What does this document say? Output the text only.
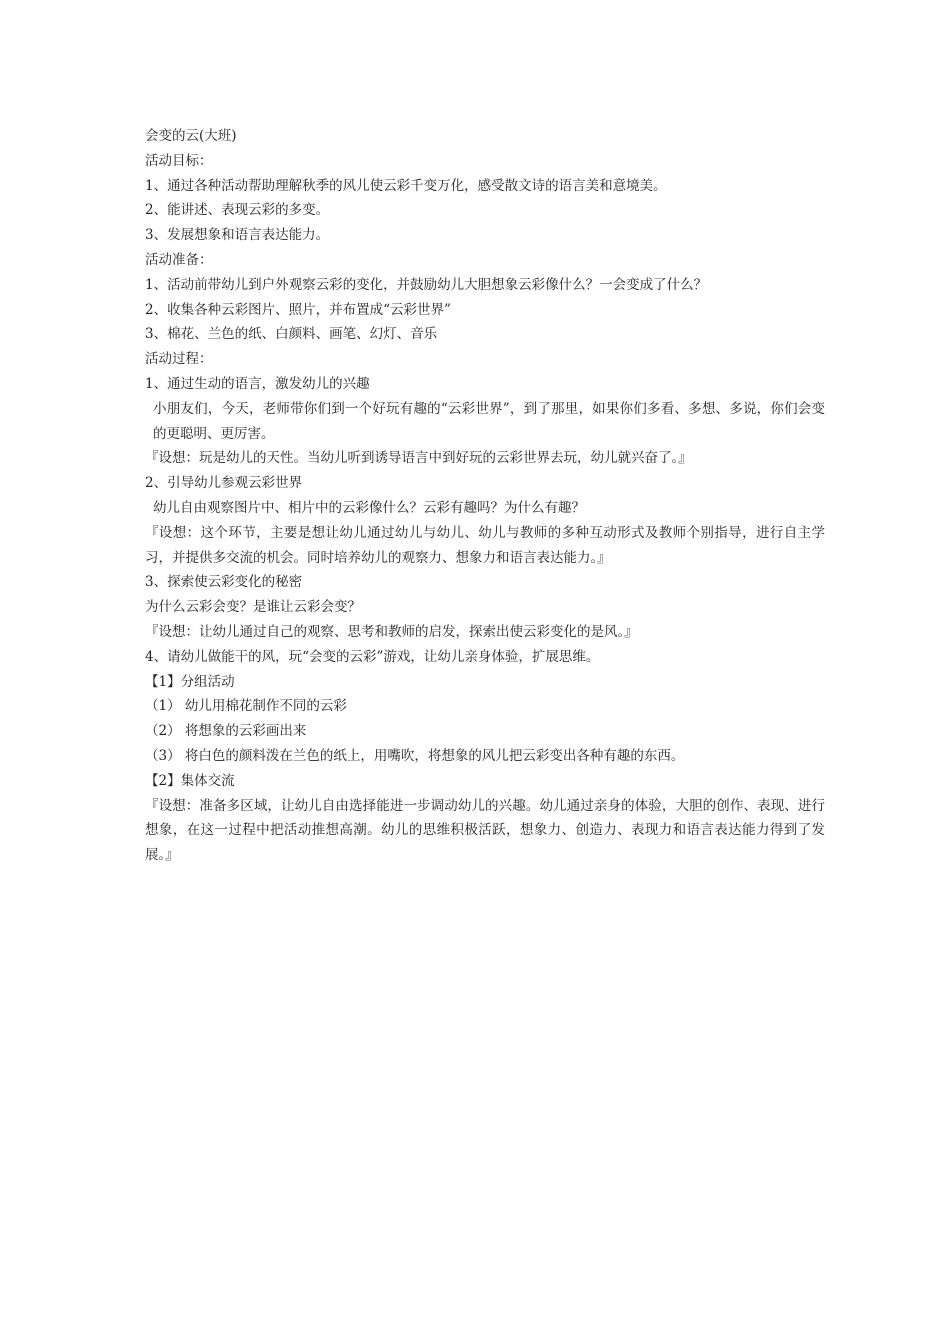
会变的云(大班)

活动目标：

1、通过各种活动帮助理解秋季的风儿使云彩千变万化，感受散文诗的语言美和意境美。

2、能讲述、表现云彩的多变。

3、发展想象和语言表达能力。

活动准备：

1、活动前带幼儿到户外观察云彩的变化，并鼓励幼儿大胆想象云彩像什么？一会变成了什么？

2、收集各种云彩图片、照片，并布置成“云彩世界”

3、棉花、兰色的纸、白颜料、画笔、幻灯、音乐

活动过程：

1、通过生动的语言，激发幼儿的兴趣

小朋友们，今天，老师带你们到一个好玩有趣的“云彩世界”，到了那里，如果你们多看、多想、多说，你们会变的更聪明、更厉害。

『设想：玩是幼儿的天性。当幼儿听到诱导语言中到好玩的云彩世界去玩，幼儿就兴奋了。』

2、引导幼儿参观云彩世界

幼儿自由观察图片中、相片中的云彩像什么？云彩有趣吗？为什么有趣？

『设想：这个环节，主要是想让幼儿通过幼儿与幼儿、幼儿与教师的多种互动形式及教师个别指导，进行自主学习，并提供多交流的机会。同时培养幼儿的观察力、想象力和语言表达能力。』

3、探索使云彩变化的秘密

为什么云彩会变？是谁让云彩会变？

『设想：让幼儿通过自己的观察、思考和教师的启发，探索出使云彩变化的是风。』

4、请幼儿做能干的风，玩“会变的云彩”游戏，让幼儿亲身体验，扩展思维。

【1】分组活动

（1） 幼儿用棉花制作不同的云彩

（2） 将想象的云彩画出来

（3） 将白色的颜料泼在兰色的纸上，用嘴吹，将想象的风儿把云彩变出各种有趣的东西。

【2】集体交流

『设想：准备多区域，让幼儿自由选择能进一步调动幼儿的兴趣。幼儿通过亲身的体验，大胆的创作、表现、进行想象，在这一过程中把活动推想高潮。幼儿的思维积极活跃，想象力、创造力、表现力和语言表达能力得到了发展。』
